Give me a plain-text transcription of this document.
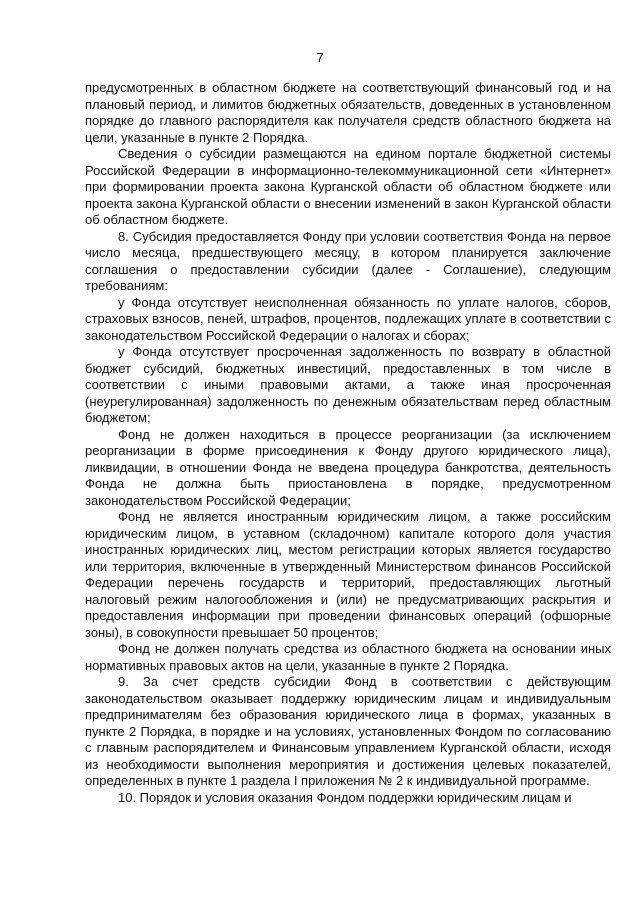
7

предусмотренных в областном бюджете на соответствующий финансовый год и на плановый период, и лимитов бюджетных обязательств, доведенных в установленном порядке до главного распорядителя как получателя средств областного бюджета на цели, указанные в пункте 2 Порядка.

Сведения о субсидии размещаются на едином портале бюджетной системы Российской Федерации в информационно-телекоммуникационной сети «Интернет» при формировании проекта закона Курганской области об областном бюджете или проекта закона Курганской области о внесении изменений в закон Курганской области об областном бюджете.

8. Субсидия предоставляется Фонду при условии соответствия Фонда на первое число месяца, предшествующего месяцу, в котором планируется заключение соглашения о предоставлении субсидии (далее - Соглашение), следующим требованиям:

у Фонда отсутствует неисполненная обязанность по уплате налогов, сборов, страховых взносов, пеней, штрафов, процентов, подлежащих уплате в соответствии с законодательством Российской Федерации о налогах и сборах;

у Фонда отсутствует просроченная задолженность по возврату в областной бюджет субсидий, бюджетных инвестиций, предоставленных в том числе в соответствии с иными правовыми актами, а также иная просроченная (неурегулированная) задолженность по денежным обязательствам перед областным бюджетом;

Фонд не должен находиться в процессе реорганизации (за исключением реорганизации в форме присоединения к Фонду другого юридического лица), ликвидации, в отношении Фонда не введена процедура банкротства, деятельность Фонда не должна быть приостановлена в порядке, предусмотренном законодательством Российской Федерации;

Фонд не является иностранным юридическим лицом, а также российским юридическим лицом, в уставном (складочном) капитале которого доля участия иностранных юридических лиц, местом регистрации которых является государство или территория, включенные в утвержденный Министерством финансов Российской Федерации перечень государств и территорий, предоставляющих льготный налоговый режим налогообложения и (или) не предусматривающих раскрытия и предоставления информации при проведении финансовых операций (офшорные зоны), в совокупности превышает 50 процентов;

Фонд не должен получать средства из областного бюджета на основании иных нормативных правовых актов на цели, указанные в пункте 2 Порядка.

9. За счет средств субсидии Фонд в соответствии с действующим законодательством оказывает поддержку юридическим лицам и индивидуальным предпринимателям без образования юридического лица в формах, указанных в пункте 2 Порядка, в порядке и на условиях, установленных Фондом по согласованию с главным распорядителем и Финансовым управлением Курганской области, исходя из необходимости выполнения мероприятия и достижения целевых показателей, определенных в пункте 1 раздела I приложения № 2 к индивидуальной программе.

10. Порядок и условия оказания Фондом поддержки юридическим лицам и
